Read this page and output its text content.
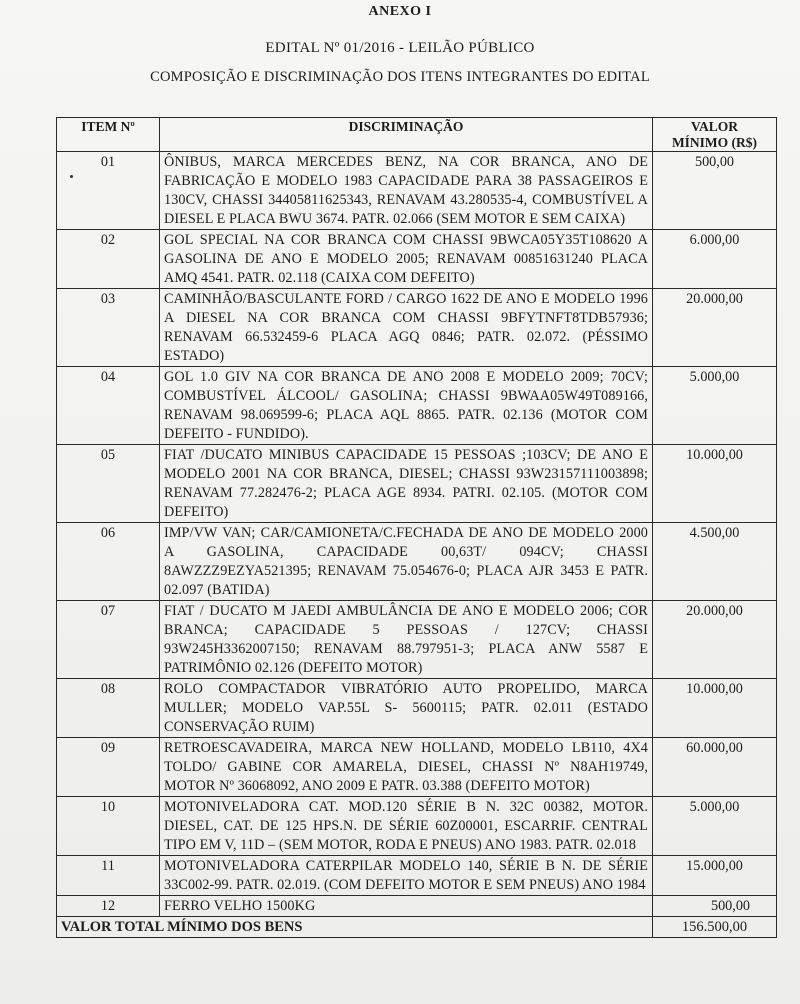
ANEXO I
EDITAL Nº 01/2016 - LEILÃO PÚBLICO
COMPOSIÇÃO E DISCRIMINAÇÃO DOS ITENS INTEGRANTES DO EDITAL
ITEM Nº	DISCRIMINAÇÃO	VALOR
MÍNIMO (R$)
01	ÔNIBUS, MARCA MERCEDES BENZ, NA COR BRANCA, ANO DE FABRICAÇÃO E MODELO 1983 CAPACIDADE PARA 38 PASSAGEIROS E 130CV, CHASSI 34405811625343, RENAVAM 43.280535-4, COMBUSTÍVEL A DIESEL E PLACA BWU 3674. PATR. 02.066 (SEM MOTOR E SEM CAIXA)	500,00
02	GOL SPECIAL NA COR BRANCA COM CHASSI 9BWCA05Y35T108620 A GASOLINA DE ANO E MODELO 2005; RENAVAM 00851631240 PLACA AMQ 4541. PATR. 02.118 (CAIXA COM DEFEITO)	6.000,00
03	CAMINHÃO/BASCULANTE FORD / CARGO 1622 DE ANO E MODELO 1996 A DIESEL NA COR BRANCA COM CHASSI 9BFYTNFT8TDB57936; RENAVAM 66.532459-6 PLACA AGQ 0846; PATR. 02.072. (PÉSSIMO ESTADO)	20.000,00
04	GOL 1.0 GIV NA COR BRANCA DE ANO 2008 E MODELO 2009; 70CV; COMBUSTÍVEL ÁLCOOL/ GASOLINA; CHASSI 9BWAA05W49T089166, RENAVAM 98.069599-6; PLACA AQL 8865. PATR. 02.136 (MOTOR COM DEFEITO - FUNDIDO).	5.000,00
05	FIAT /DUCATO MINIBUS CAPACIDADE 15 PESSOAS ;103CV; DE ANO E MODELO 2001 NA COR BRANCA, DIESEL; CHASSI 93W23157111003898; RENAVAM 77.282476-2; PLACA AGE 8934. PATRI. 02.105. (MOTOR COM DEFEITO)	10.000,00
06	IMP/VW VAN; CAR/CAMIONETA/C.FECHADA DE ANO DE MODELO 2000 A GASOLINA, CAPACIDADE 00,63T/ 094CV; CHASSI 8AWZZZ9EZYA521395; RENAVAM 75.054676-0; PLACA AJR 3453 E PATR. 02.097 (BATIDA)	4.500,00
07	FIAT / DUCATO M JAEDI AMBULÂNCIA DE ANO E MODELO 2006; COR BRANCA; CAPACIDADE 5 PESSOAS / 127CV; CHASSI 93W245H3362007150; RENAVAM 88.797951-3; PLACA ANW 5587 E PATRIMÔNIO 02.126 (DEFEITO MOTOR)	20.000,00
08	ROLO COMPACTADOR VIBRATÓRIO AUTO PROPELIDO, MARCA MULLER; MODELO VAP.55L S- 5600115; PATR. 02.011 (ESTADO CONSERVAÇÃO RUIM)	10.000,00
09	RETROESCAVADEIRA, MARCA NEW HOLLAND, MODELO LB110, 4X4 TOLDO/ GABINE COR AMARELA, DIESEL, CHASSI Nº N8AH19749, MOTOR Nº 36068092, ANO 2009 E PATR. 03.388 (DEFEITO MOTOR)	60.000,00
10	MOTONIVELADORA CAT. MOD.120 SÉRIE B N. 32C 00382, MOTOR. DIESEL, CAT. DE 125 HPS.N. DE SÉRIE 60Z00001, ESCARRIF. CENTRAL TIPO EM V, 11D – (SEM MOTOR, RODA E PNEUS) ANO 1983. PATR. 02.018	5.000,00
11	MOTONIVELADORA CATERPILAR MODELO 140, SÉRIE B N. DE SÉRIE 33C002-99. PATR. 02.019. (COM DEFEITO MOTOR E SEM PNEUS) ANO 1984	15.000,00
12	FERRO VELHO 1500KG	500,00
VALOR TOTAL MÍNIMO DOS BENS		156.500,00
